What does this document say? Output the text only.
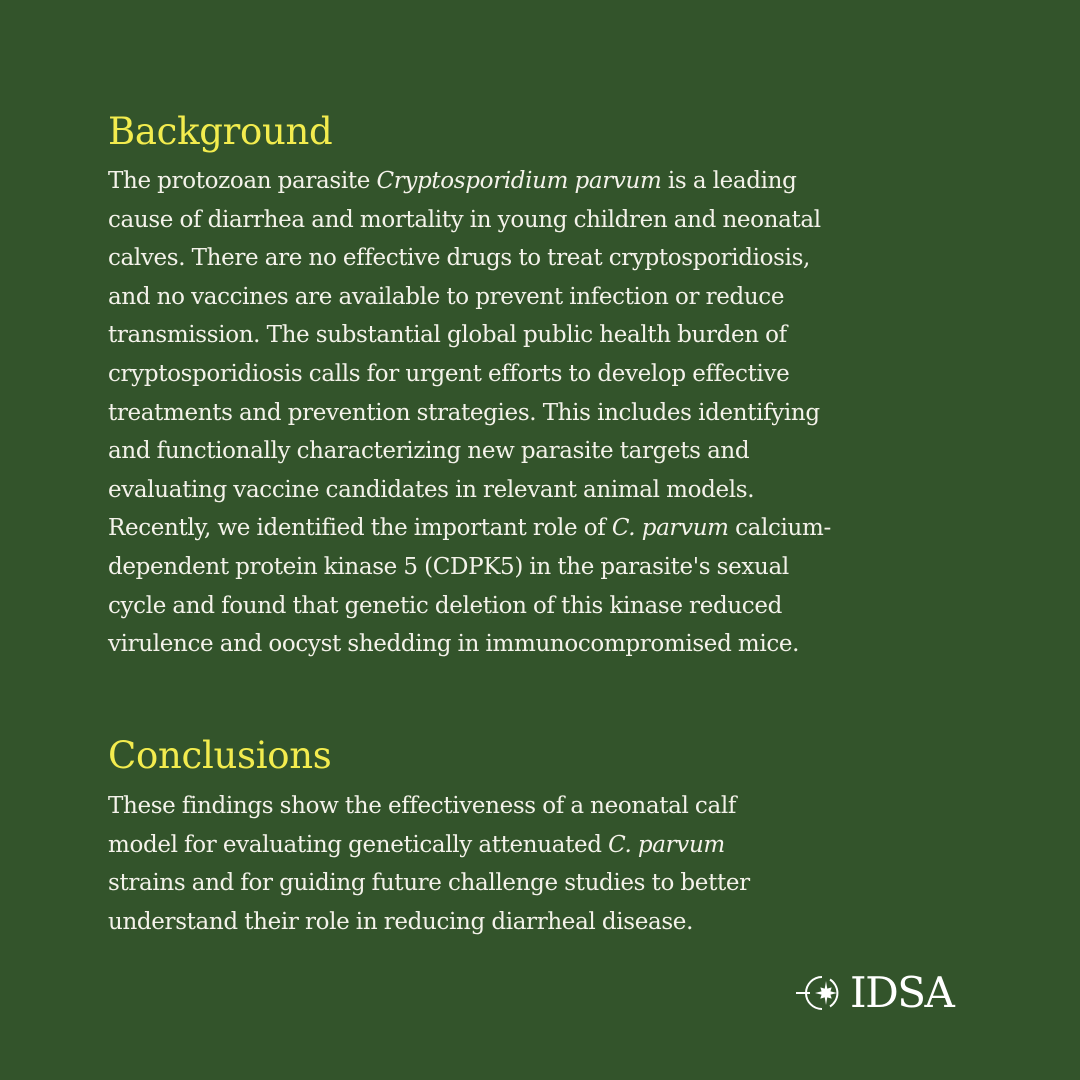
Background
The protozoan parasite Cryptosporidium parvum is a leading
cause of diarrhea and mortality in young children and neonatal
calves. There are no effective drugs to treat cryptosporidiosis,
and no vaccines are available to prevent infection or reduce
transmission. The substantial global public health burden of
cryptosporidiosis calls for urgent efforts to develop effective
treatments and prevention strategies. This includes identifying
and functionally characterizing new parasite targets and
evaluating vaccine candidates in relevant animal models.
Recently, we identified the important role of C. parvum calcium-
dependent protein kinase 5 (CDPK5) in the parasite's sexual
cycle and found that genetic deletion of this kinase reduced
virulence and oocyst shedding in immunocompromised mice.
Conclusions
These findings show the effectiveness of a neonatal calf
model for evaluating genetically attenuated C. parvum
strains and for guiding future challenge studies to better
understand their role in reducing diarrheal disease.
IDSA
